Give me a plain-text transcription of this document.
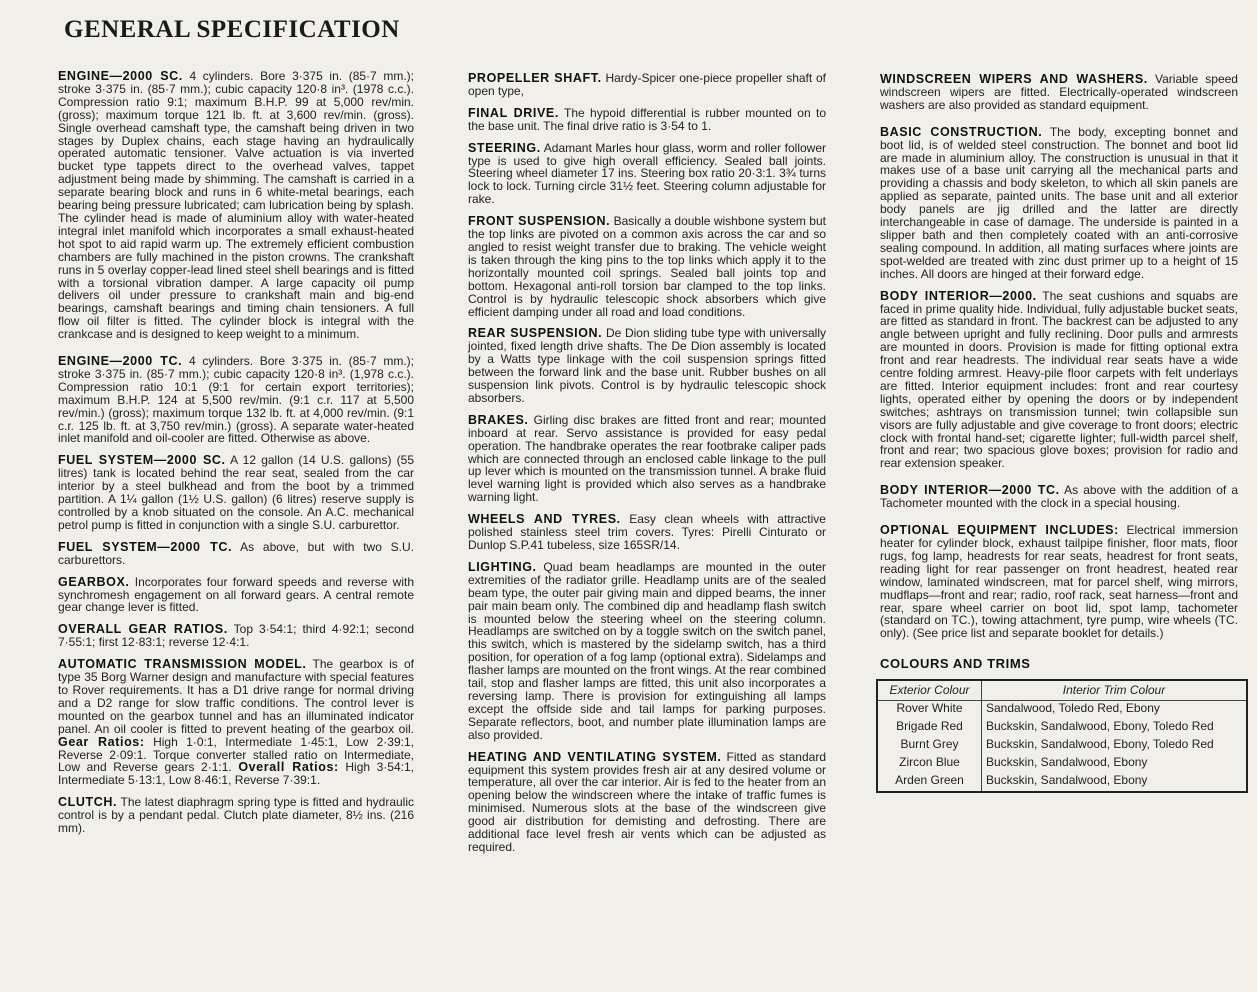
GENERAL SPECIFICATION

ENGINE—2000 SC. 4 cylinders. Bore 3·375 in. (85·7 mm.); stroke 3·375 in. (85·7 mm.); cubic capacity 120·8 in³. (1978 c.c.). Compression ratio 9:1; maximum B.H.P. 99 at 5,000 rev/min. (gross); maximum torque 121 lb. ft. at 3,600 rev/min. (gross). Single overhead camshaft type, the camshaft being driven in two stages by Duplex chains, each stage having an hydraulically operated automatic tensioner. Valve actuation is via inverted bucket type tappets direct to the overhead valves, tappet adjustment being made by shimming. The camshaft is carried in a separate bearing block and runs in 6 white-metal bearings, each bearing being pressure lubricated; cam lubrication being by splash. The cylinder head is made of aluminium alloy with water-heated integral inlet manifold which incorporates a small exhaust-heated hot spot to aid rapid warm up. The extremely efficient combustion chambers are fully machined in the piston crowns. The crankshaft runs in 5 overlay copper-lead lined steel shell bearings and is fitted with a torsional vibration damper. A large capacity oil pump delivers oil under pressure to crankshaft main and big-end bearings, camshaft bearings and timing chain tensioners. A full flow oil filter is fitted. The cylinder block is integral with the crankcase and is designed to keep weight to a minimum.

ENGINE—2000 TC. 4 cylinders. Bore 3·375 in. (85·7 mm.); stroke 3·375 in. (85·7 mm.); cubic capacity 120·8 in³. (1,978 c.c.). Compression ratio 10:1 (9:1 for certain export territories); maximum B.H.P. 124 at 5,500 rev/min. (9:1 c.r. 117 at 5,500 rev/min.) (gross); maximum torque 132 lb. ft. at 4,000 rev/min. (9:1 c.r. 125 lb. ft. at 3,750 rev/min.) (gross). A separate water-heated inlet manifold and oil-cooler are fitted. Otherwise as above.

FUEL SYSTEM—2000 SC. A 12 gallon (14 U.S. gallons) (55 litres) tank is located behind the rear seat, sealed from the car interior by a steel bulkhead and from the boot by a trimmed partition. A 1¼ gallon (1½ U.S. gallon) (6 litres) reserve supply is controlled by a knob situated on the console. An A.C. mechanical petrol pump is fitted in conjunction with a single S.U. carburettor.

FUEL SYSTEM—2000 TC. As above, but with two S.U. carburettors.

GEARBOX. Incorporates four forward speeds and reverse with synchromesh engagement on all forward gears. A central remote gear change lever is fitted.

OVERALL GEAR RATIOS. Top 3·54:1; third 4·92:1; second 7·55:1; first 12·83:1; reverse 12·4:1.

AUTOMATIC TRANSMISSION MODEL. The gearbox is of type 35 Borg Warner design and manufacture with special features to Rover requirements. It has a D1 drive range for normal driving and a D2 range for slow traffic conditions. The control lever is mounted on the gearbox tunnel and has an illuminated indicator panel. An oil cooler is fitted to prevent heating of the gearbox oil. Gear Ratios: High 1·0:1, Intermediate 1·45:1, Low 2·39:1, Reverse 2·09:1. Torque converter stalled ratio on Intermediate, Low and Reverse gears 2·1:1. Overall Ratios: High 3·54:1, Intermediate 5·13:1, Low 8·46:1, Reverse 7·39:1.

CLUTCH. The latest diaphragm spring type is fitted and hydraulic control is by a pendant pedal. Clutch plate diameter, 8½ ins. (216 mm).

PROPELLER SHAFT. Hardy-Spicer one-piece propeller shaft of open type,

FINAL DRIVE. The hypoid differential is rubber mounted on to the base unit. The final drive ratio is 3·54 to 1.

STEERING. Adamant Marles hour glass, worm and roller follower type is used to give high overall efficiency. Sealed ball joints. Steering wheel diameter 17 ins. Steering box ratio 20·3:1. 3¾ turns lock to lock. Turning circle 31½ feet. Steering column adjustable for rake.

FRONT SUSPENSION. Basically a double wishbone system but the top links are pivoted on a common axis across the car and so angled to resist weight transfer due to braking. The vehicle weight is taken through the king pins to the top links which apply it to the horizontally mounted coil springs. Sealed ball joints top and bottom. Hexagonal anti-roll torsion bar clamped to the top links. Control is by hydraulic telescopic shock absorbers which give efficient damping under all road and load conditions.

REAR SUSPENSION. De Dion sliding tube type with universally jointed, fixed length drive shafts. The De Dion assembly is located by a Watts type linkage with the coil suspension springs fitted between the forward link and the base unit. Rubber bushes on all suspension link pivots. Control is by hydraulic telescopic shock absorbers.

BRAKES. Girling disc brakes are fitted front and rear; mounted inboard at rear. Servo assistance is provided for easy pedal operation. The handbrake operates the rear footbrake caliper pads which are connected through an enclosed cable linkage to the pull up lever which is mounted on the transmission tunnel. A brake fluid level warning light is provided which also serves as a handbrake warning light.

WHEELS AND TYRES. Easy clean wheels with attractive polished stainless steel trim covers. Tyres: Pirelli Cinturato or Dunlop S.P.41 tubeless, size 165SR/14.

LIGHTING. Quad beam headlamps are mounted in the outer extremities of the radiator grille. Headlamp units are of the sealed beam type, the outer pair giving main and dipped beams, the inner pair main beam only. The combined dip and headlamp flash switch is mounted below the steering wheel on the steering column. Headlamps are switched on by a toggle switch on the switch panel, this switch, which is mastered by the sidelamp switch, has a third position, for operation of a fog lamp (optional extra). Sidelamps and flasher lamps are mounted on the front wings. At the rear combined tail, stop and flasher lamps are fitted, this unit also incorporates a reversing lamp. There is provision for extinguishing all lamps except the offside side and tail lamps for parking purposes. Separate reflectors, boot, and number plate illumination lamps are also provided.

HEATING AND VENTILATING SYSTEM. Fitted as standard equipment this system provides fresh air at any desired volume or temperature, all over the car interior. Air is fed to the heater from an opening below the windscreen where the intake of traffic fumes is minimised. Numerous slots at the base of the windscreen give good air distribution for demisting and defrosting. There are additional face level fresh air vents which can be adjusted as required.

WINDSCREEN WIPERS AND WASHERS. Variable speed windscreen wipers are fitted. Electrically-operated windscreen washers are also provided as standard equipment.

BASIC CONSTRUCTION. The body, excepting bonnet and boot lid, is of welded steel construction. The bonnet and boot lid are made in aluminium alloy. The construction is unusual in that it makes use of a base unit carrying all the mechanical parts and providing a chassis and body skeleton, to which all skin panels are applied as separate, painted units. The base unit and all exterior body panels are jig drilled and the latter are directly interchangeable in case of damage. The underside is painted in a slipper bath and then completely coated with an anti-corrosive sealing compound. In addition, all mating surfaces where joints are spot-welded are treated with zinc dust primer up to a height of 15 inches. All doors are hinged at their forward edge.

BODY INTERIOR—2000. The seat cushions and squabs are faced in prime quality hide. Individual, fully adjustable bucket seats, are fitted as standard in front. The backrest can be adjusted to any angle between upright and fully reclining. Door pulls and armrests are mounted in doors. Provision is made for fitting optional extra front and rear headrests. The individual rear seats have a wide centre folding armrest. Heavy-pile floor carpets with felt underlays are fitted. Interior equipment includes: front and rear courtesy lights, operated either by opening the doors or by independent switches; ashtrays on transmission tunnel; twin collapsible sun visors are fully adjustable and give coverage to front doors; electric clock with frontal hand-set; cigarette lighter; full-width parcel shelf, front and rear; two spacious glove boxes; provision for radio and rear extension speaker.

BODY INTERIOR—2000 TC. As above with the addition of a Tachometer mounted with the clock in a special housing.

OPTIONAL EQUIPMENT INCLUDES: Electrical immersion heater for cylinder block, exhaust tailpipe finisher, floor mats, floor rugs, fog lamp, headrests for rear seats, headrest for front seats, reading light for rear passenger on front headrest, heated rear window, laminated windscreen, mat for parcel shelf, wing mirrors, mudflaps—front and rear; radio, roof rack, seat harness—front and rear, spare wheel carrier on boot lid, spot lamp, tachometer (standard on TC.), towing attachment, tyre pump, wire wheels (TC. only). (See price list and separate booklet for details.)

COLOURS AND TRIMS
Exterior Colour	Interior Trim Colour
Rover White	Sandalwood, Toledo Red, Ebony
Brigade Red	Buckskin, Sandalwood, Ebony, Toledo Red
Burnt Grey	Buckskin, Sandalwood, Ebony, Toledo Red
Zircon Blue	Buckskin, Sandalwood, Ebony
Arden Green	Buckskin, Sandalwood, Ebony
